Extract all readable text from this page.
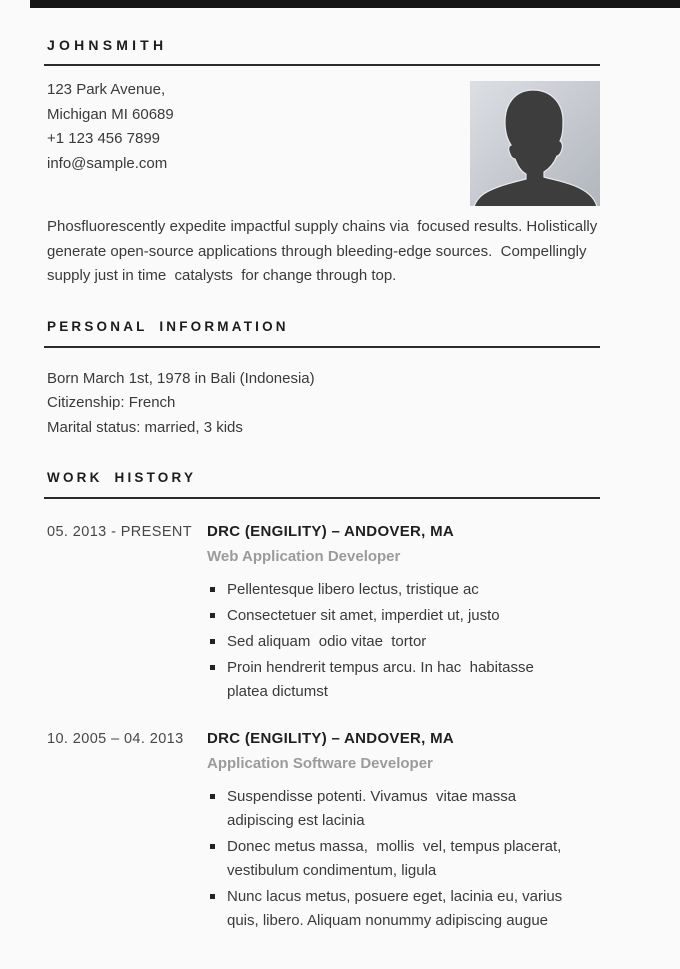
JOHNSMITH
123 Park Avenue,
Michigan MI 60689
+1 123 456 7899
info@sample.com

Phosfluorescently expedite impactful supply chains via  focused results. Holistically generate open-source applications through bleeding-edge sources.  Compellingly supply just in time  catalysts  for change through top.

PERSONAL INFORMATION
Born March 1st, 1978 in Bali (Indonesia)
Citizenship: French
Marital status: married, 3 kids
WORK HISTORY
05. 2013 - PRESENT DRC (ENGILITY) – ANDOVER, MA
Web Application Developer
Pellentesque libero lectus, tristique ac
Consectetuer sit amet, imperdiet ut, justo
Sed aliquam  odio vitae  tortor
Proin hendrerit tempus arcu. In hac  habitasse  platea dictumst
10. 2005 – 04. 2013	DRC (ENGILITY) – ANDOVER, MA
Application Software Developer
Suspendisse potenti. Vivamus  vitae massa  adipiscing est lacinia
Donec metus massa,  mollis  vel, tempus placerat, vestibulum condimentum, ligula
Nunc lacus metus, posuere eget, lacinia eu, varius quis, libero. Aliquam nonummy adipiscing augue
